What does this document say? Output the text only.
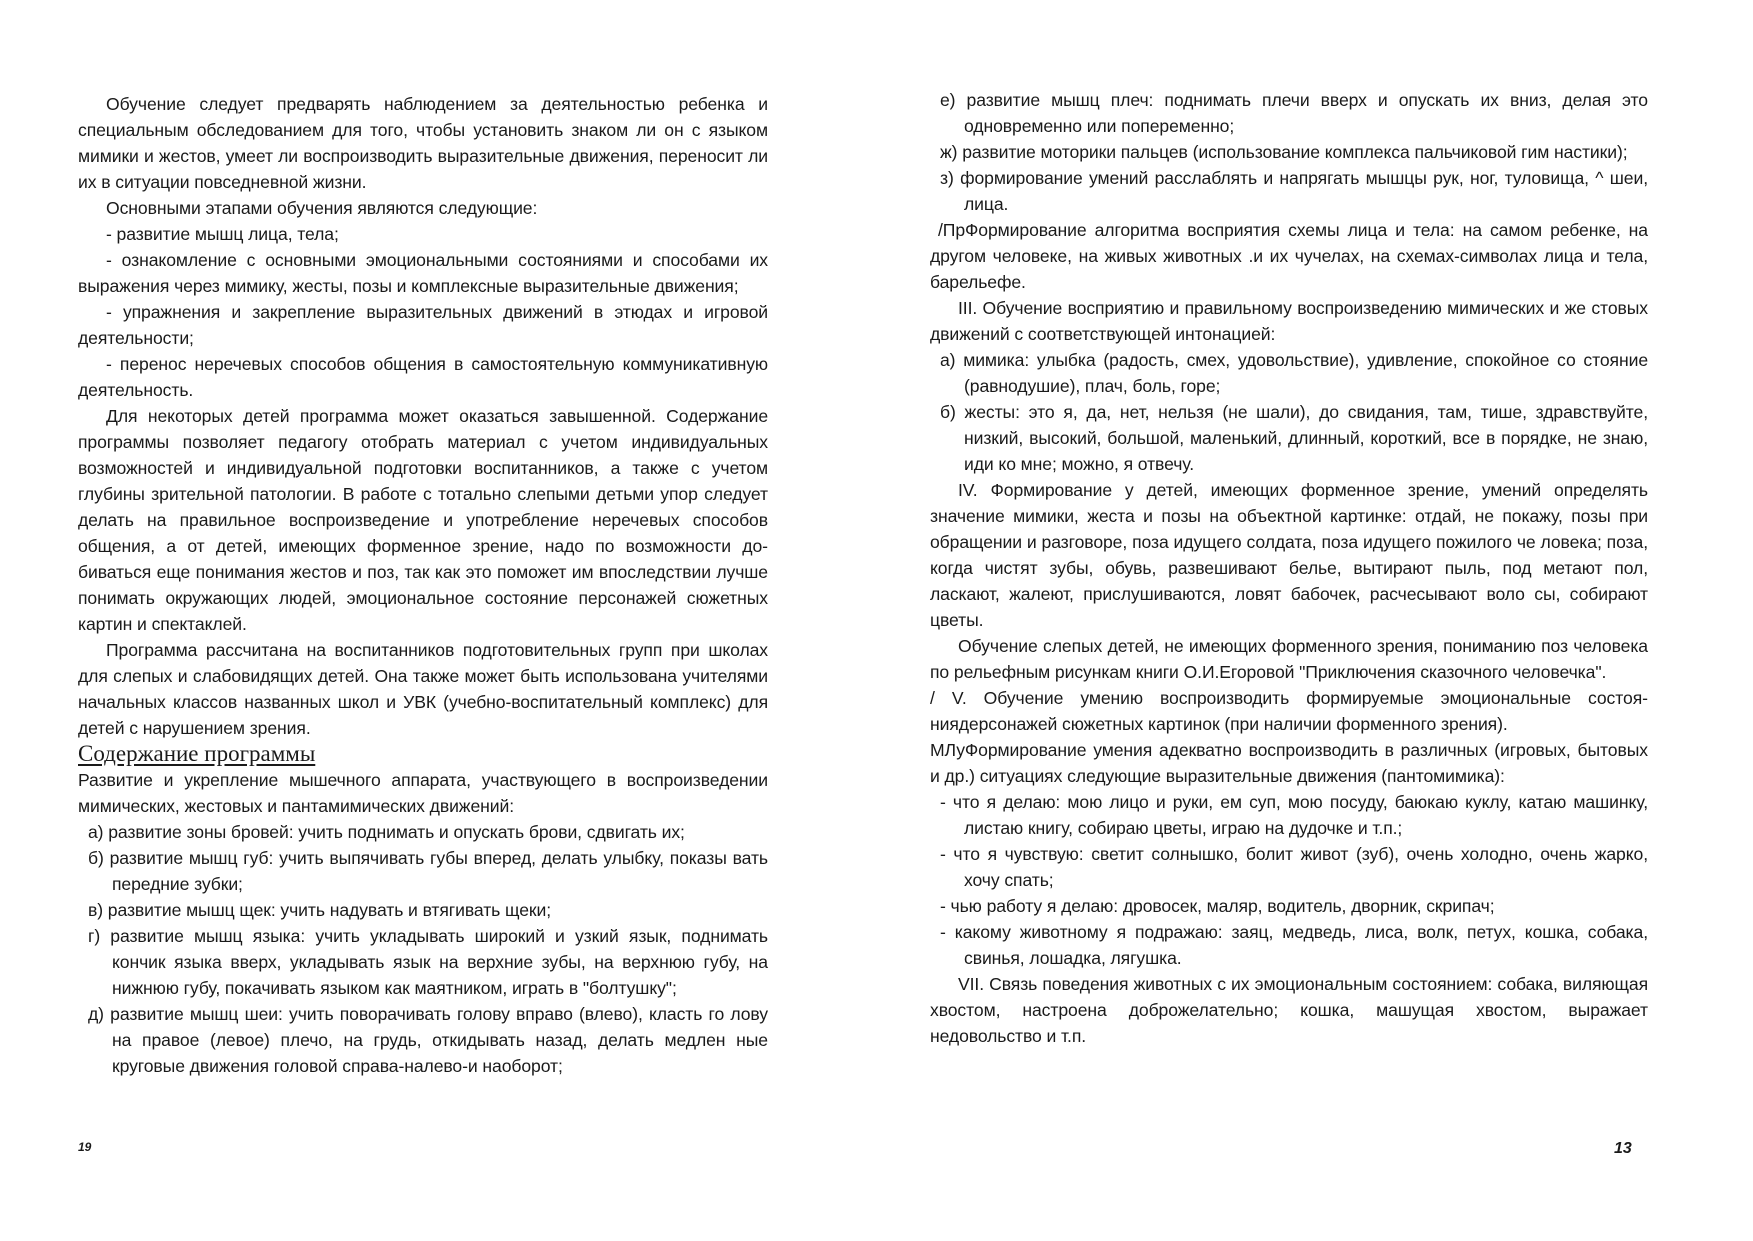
Обучение следует предварять наблюдением за деятельностью ребенка и специальным обследованием для того, чтобы установить знаком ли он с языком мимики и жестов, умеет ли воспроизводить выразительные движения, переносит ли их в ситуации повседневной жизни.

Основными этапами обучения являются следующие:

- развитие мышц лица, тела;

- ознакомление с основными эмоциональными состояниями и способами их выражения через мимику, жесты, позы и комплексные выразительные движения;

- упражнения и закрепление выразительных движений в этюдах и игровой деятельности;

- перенос неречевых способов общения в самостоятельную коммуникативную деятельность.

Для некоторых детей программа может оказаться завышенной. Содержание программы позволяет педагогу отобрать материал с учетом индивидуальных возможностей и индивидуальной подготовки воспитанников, а также с учетом глубины зрительной патологии. В работе с тотально слепыми детьми упор следует делать на правильное воспроизведение и употребление неречевых способов общения, а от детей, имеющих форменное зрение, надо по возможности добиваться еще понимания жестов и поз, так как это поможет им впоследствии лучше понимать окружающих людей, эмоциональное состояние персонажей сюжетных картин и спектаклей.

Программа рассчитана на воспитанников подготовительных групп при школах для слепых и слабовидящих детей. Она также может быть использована учителями начальных классов названных школ и УВК (учебно-воспитательный комплекс) для детей с нарушением зрения.

Содержание программы

Развитие и укрепление мышечного аппарата, участвующего в воспроизведении мимических, жестовых и пантамимических движений:

а) развитие зоны бровей: учить поднимать и опускать брови, сдвигать их;

б) развитие мышц губ: учить выпячивать губы вперед, делать улыбку, показы вать передние зубки;

в) развитие мышц щек: учить надувать и втягивать щеки;

г) развитие мышц языка: учить укладывать широкий и узкий язык, поднимать кончик языка вверх, укладывать язык на верхние зубы, на верхнюю губу, на нижнюю губу, покачивать языком как маятником, играть в "болтушку";

д) развитие мышц шеи: учить поворачивать голову вправо (влево), класть го лову на правое (левое) плечо, на грудь, откидывать назад, делать медлен ные круговые движения головой справа-налево-и наоборот;

19

е) развитие мышц плеч: поднимать плечи вверх и опускать их вниз, делая это одновременно или попеременно;

ж) развитие моторики пальцев (использование комплекса пальчиковой гим настики);

з) формирование умений расслаблять и напрягать мышцы рук, ног, туловища, ^ шеи, лица.

/ПрФормирование алгоритма восприятия схемы лица и тела: на самом ребенке, на другом человеке, на живых животных .и их чучелах, на схемах-символах лица и тела, барельефе.

III. Обучение восприятию и правильному воспроизведению мимических и же стовых движений с соответствующей интонацией:

а) мимика: улыбка (радость, смех, удовольствие), удивление, спокойное со стояние (равнодушие), плач, боль, горе;

б) жесты: это я, да, нет, нельзя (не шали), до свидания, там, тише, здравствуйте, низкий, высокий, большой, маленький, длинный, короткий, все в порядке, не знаю, иди ко мне; можно, я отвечу.

IV. Формирование у детей, имеющих форменное зрение, умений определять значение мимики, жеста и позы на объектной картинке: отдай, не покажу, позы при обращении и разговоре, поза идущего солдата, поза идущего пожилого че ловека; поза, когда чистят зубы, обувь, развешивают белье, вытирают пыль, под метают пол, ласкают, жалеют, прислушиваются, ловят бабочек, расчесывают воло сы, собирают цветы.

Обучение слепых детей, не имеющих форменного зрения, пониманию поз человека по рельефным рисункам книги О.И.Егоровой "Приключения сказочного человечка".

/ V. Обучение умению воспроизводить формируемые эмоциональные состояниядерсонажей сюжетных картинок (при наличии форменного зрения).

МЛуФормирование умения адекватно воспроизводить в различных (игровых, бытовых и др.) ситуациях следующие выразительные движения (пантомимика):

- что я делаю: мою лицо и руки, ем суп, мою посуду, баюкаю куклу, катаю машинку, листаю книгу, собираю цветы, играю на дудочке и т.п.;

- что я чувствую: светит солнышко, болит живот (зуб), очень холодно, очень жарко, хочу спать;

- чью работу я делаю: дровосек, маляр, водитель, дворник, скрипач;

- какому животному я подражаю: заяц, медведь, лиса, волк, петух, кошка, собака, свинья, лошадка, лягушка.

VII. Связь поведения животных с их эмоциональным состоянием: собака, виляющая хвостом, настроена доброжелательно; кошка, машущая хвостом, выражает недовольство и т.п.

13
